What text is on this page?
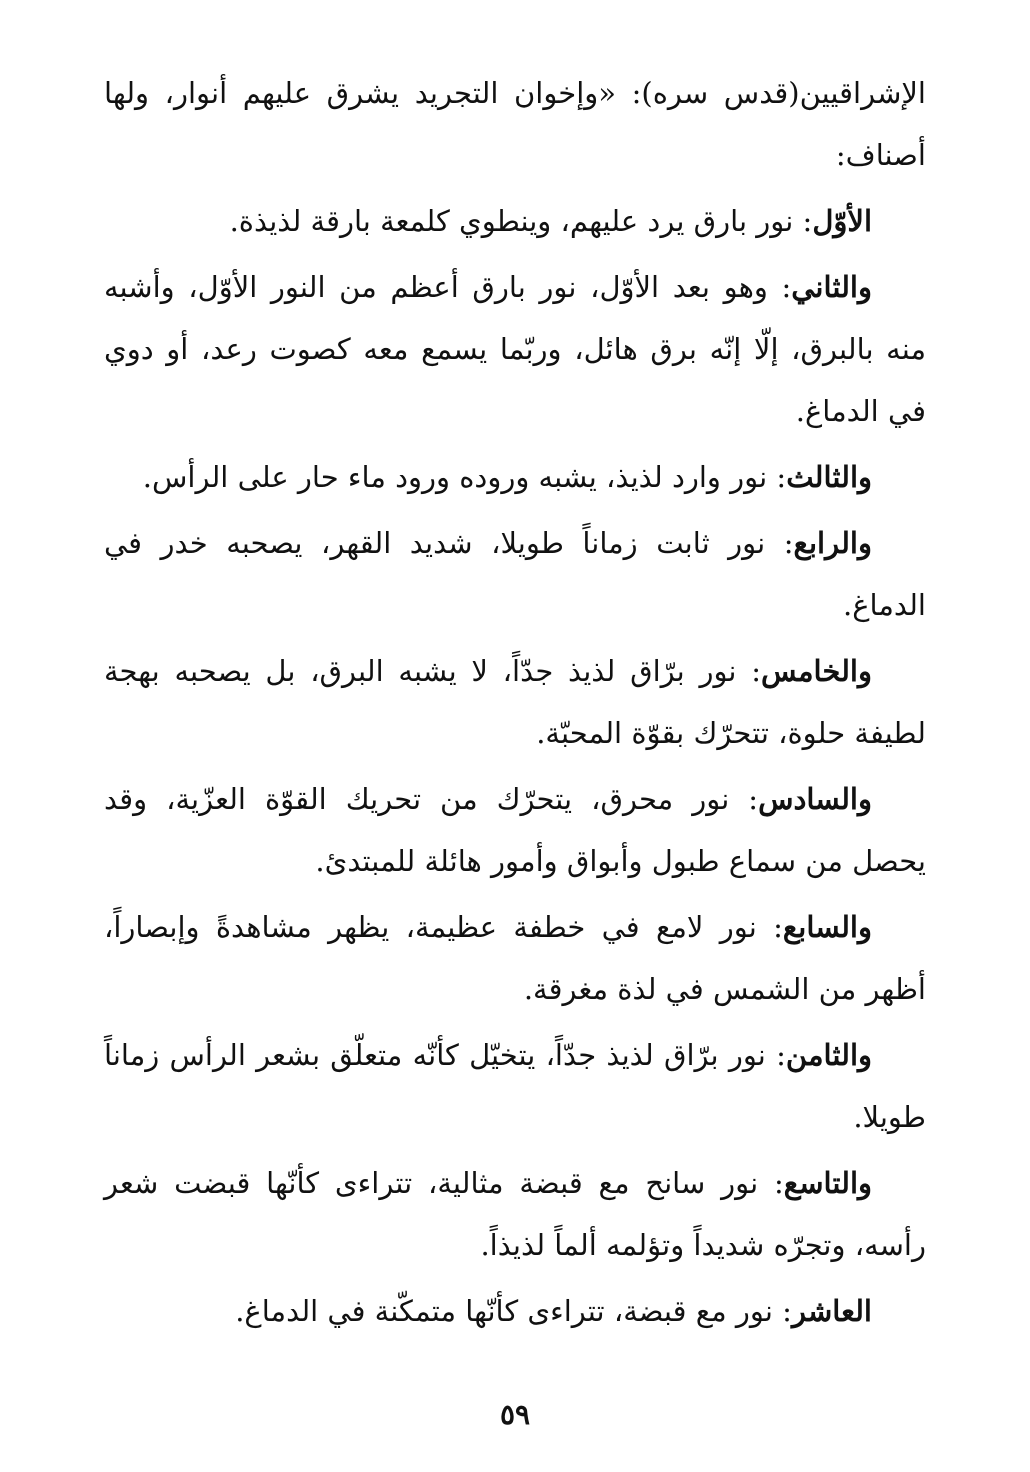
الإشراقيين(قدس سره): «وإخوان التجريد يشرق عليهم أنوار، ولها أصناف:

الأوّل: نور بارق يرد عليهم، وينطوي كلمعة بارقة لذيذة.

والثاني: وهو بعد الأوّل، نور بارق أعظم من النور الأوّل، وأشبه منه بالبرق، إلّا إنّه برق هائل، وربّما يسمع معه كصوت رعد، أو دوي في الدماغ.

والثالث: نور وارد لذيذ، يشبه وروده ورود ماء حار على الرأس.

والرابع: نور ثابت زماناً طويلا، شديد القهر، يصحبه خدر في الدماغ.

والخامس: نور برّاق لذيذ جدّاً، لا يشبه البرق، بل يصحبه بهجة لطيفة حلوة، تتحرّك بقوّة المحبّة.

والسادس: نور محرق، يتحرّك من تحريك القوّة العزّية، وقد يحصل من سماع طبول وأبواق وأمور هائلة للمبتدئ.

والسابع: نور لامع في خطفة عظيمة، يظهر مشاهدةً وإبصاراً، أظهر من الشمس في لذة مغرقة.

والثامن: نور برّاق لذيذ جدّاً، يتخيّل كأنّه متعلّق بشعر الرأس زماناً طويلا.

والتاسع: نور سانح مع قبضة مثالية، تتراءى كأنّها قبضت شعر رأسه، وتجرّه شديداً وتؤلمه ألماً لذيذاً.

العاشر: نور مع قبضة، تتراءى كأنّها متمكّنة في الدماغ.

٥٩
